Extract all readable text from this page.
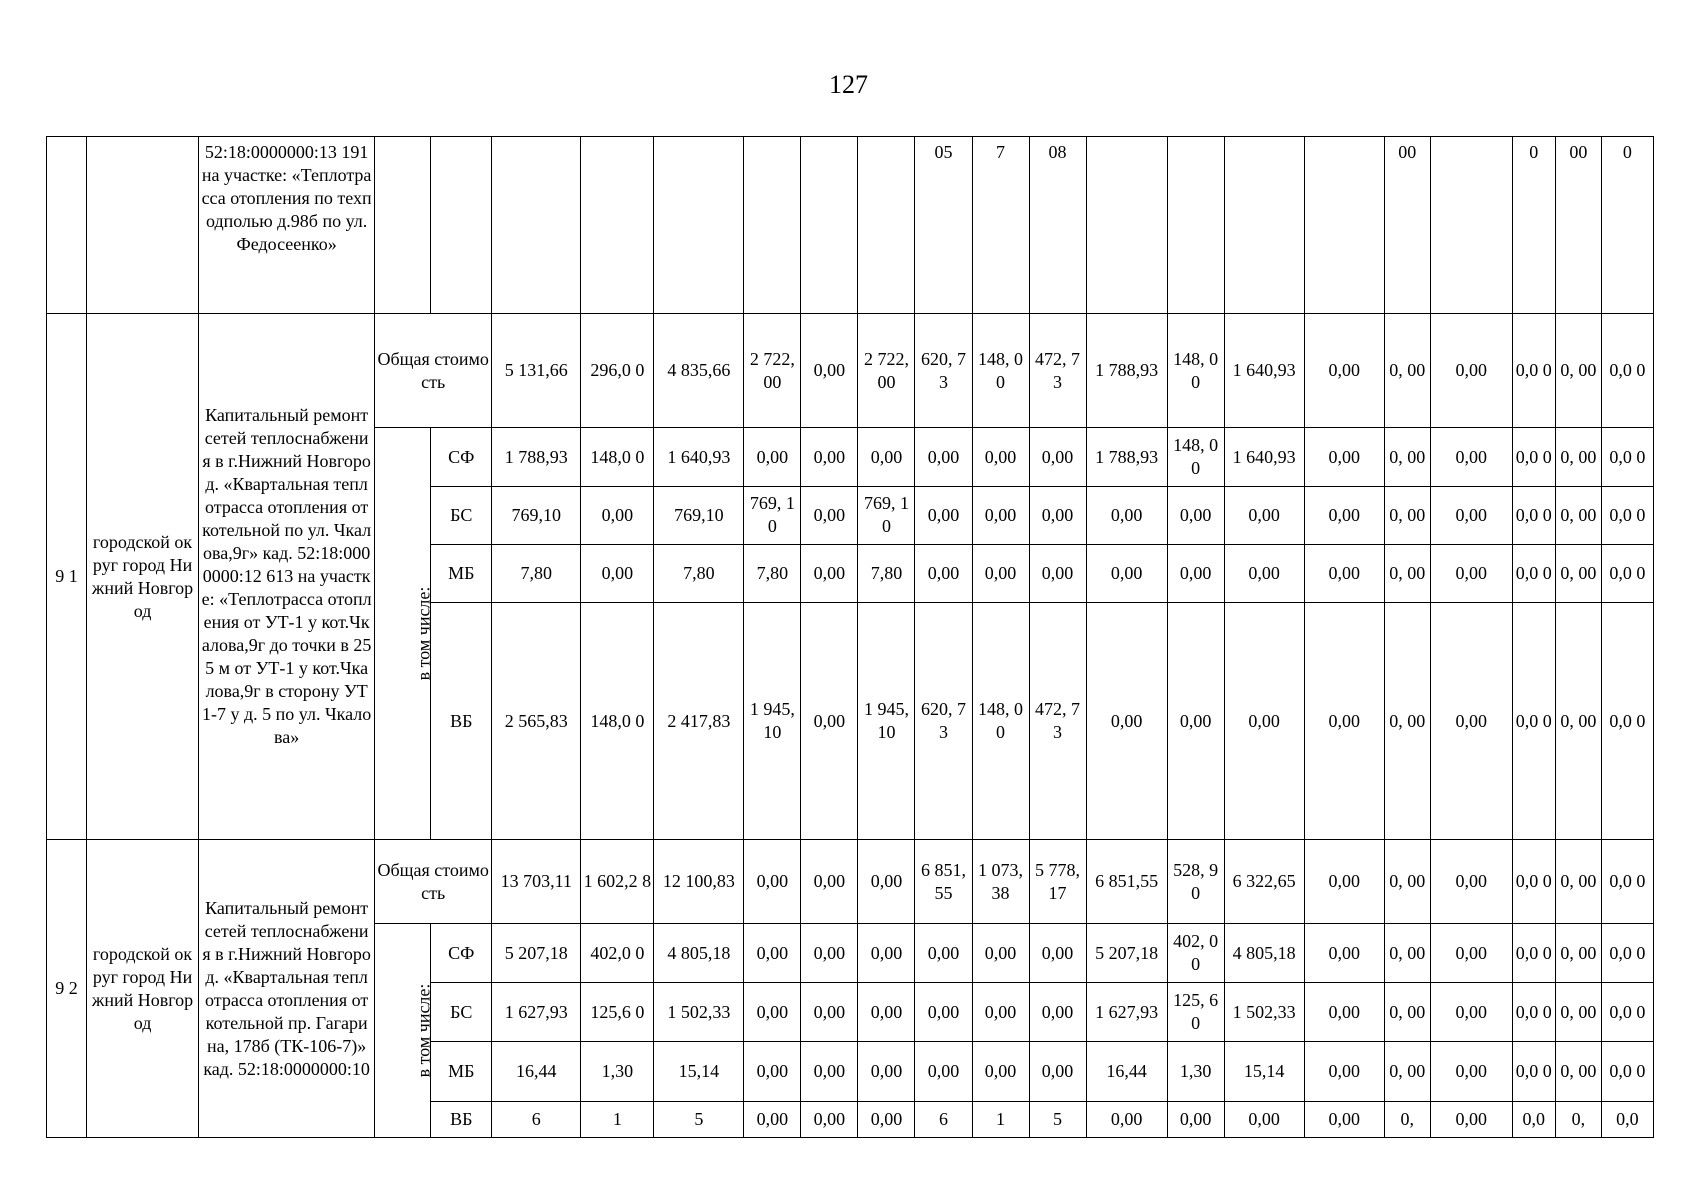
127
		52:18:0000000:13 191 на участке: «Теплотрасса отопления по техподполью д.98б по ул. Федосеенко»									05	7	08					00		0	00	0
9 1	городской округ город Нижний Новгород	Капитальный ремонт сетей теплоснабжения в г.Нижний Новгород. «Квартальная теплотрасса отопления от котельной по ул. Чкалова,9г» кад. 52:18:0000000:12 613 на участке: «Теплотрасса отопления от УТ-1 у кот.Чкалова,9г до точки в 255 м от УТ-1 у кот.Чкалова,9г в сторону УТ 1-7 у д. 5 по ул. Чкалова»	Общая стоимость		5 131,66	296,0 0	4 835,66	2 722, 00	0,00	2 722, 00	620, 73	148, 00	472, 73	1 788,93	148, 00	1 640,93	0,00	0, 00	0,00	0,0 0	0, 00	0,0 0
			в том числе:	СФ	1 788,93	148,0 0	1 640,93	0,00	0,00	0,00	0,00	0,00	0,00	1 788,93	148, 00	1 640,93	0,00	0, 00	0,00	0,0 0	0, 00	0,0 0
				БС	769,10	0,00	769,10	769, 10	0,00	769, 10	0,00	0,00	0,00	0,00	0,00	0,00	0,00	0, 00	0,00	0,0 0	0, 00	0,0 0
				МБ	7,80	0,00	7,80	7,80	0,00	7,80	0,00	0,00	0,00	0,00	0,00	0,00	0,00	0, 00	0,00	0,0 0	0, 00	0,0 0
				ВБ	2 565,83	148,0 0	2 417,83	1 945, 10	0,00	1 945, 10	620, 73	148, 00	472, 73	0,00	0,00	0,00	0,00	0, 00	0,00	0,0 0	0, 00	0,0 0
9 2	городской округ город Нижний Новгород	Капитальный ремонт сетей теплоснабжения в г.Нижний Новгород. «Квартальная теплотрасса отопления от котельной пр. Гагарина, 178б (ТК-106-7)» кад. 52:18:0000000:10	Общая стоимость		13 703,11	1 602,2 8	12 100,83	0,00	0,00	0,00	6 851, 55	1 073, 38	5 778, 17	6 851,55	528, 90	6 322,65	0,00	0, 00	0,00	0,0 0	0, 00	0,0 0
			в том числе:	СФ	5 207,18	402,0 0	4 805,18	0,00	0,00	0,00	0,00	0,00	0,00	5 207,18	402, 00	4 805,18	0,00	0, 00	0,00	0,0 0	0, 00	0,0 0
				БС	1 627,93	125,6 0	1 502,33	0,00	0,00	0,00	0,00	0,00	0,00	1 627,93	125, 60	1 502,33	0,00	0, 00	0,00	0,0 0	0, 00	0,0 0
				МБ	16,44	1,30	15,14	0,00	0,00	0,00	0,00	0,00	0,00	16,44	1,30	15,14	0,00	0, 00	0,00	0,0 0	0, 00	0,0 0
				ВБ	6	1	5	0,00	0,00	0,00	6	1	5	0,00	0,00	0,00	0,00	0,	0,00	0,0	0,	0,0
